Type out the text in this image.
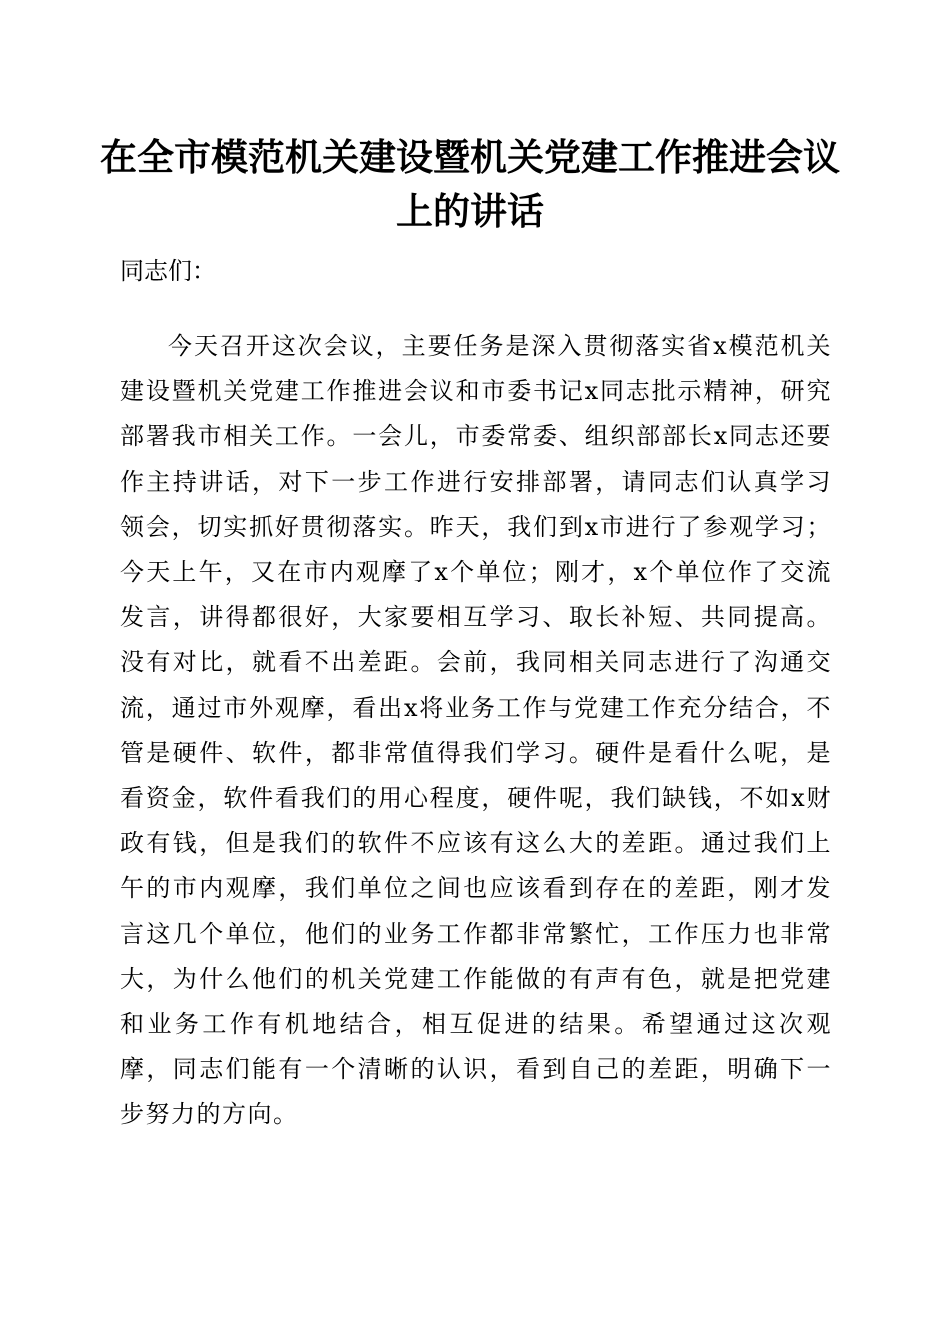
在全市模范机关建设暨机关党建工作推进会议上的讲话

同志们：

今天召开这次会议，主要任务是深入贯彻落实省x模范机关建设暨机关党建工作推进会议和市委书记x同志批示精神，研究部署我市相关工作。一会儿，市委常委、组织部部长x同志还要作主持讲话，对下一步工作进行安排部署，请同志们认真学习领会，切实抓好贯彻落实。昨天，我们到x市进行了参观学习；今天上午，又在市内观摩了x个单位；刚才，x个单位作了交流发言，讲得都很好，大家要相互学习、取长补短、共同提高。没有对比，就看不出差距。会前，我同相关同志进行了沟通交流，通过市外观摩，看出x将业务工作与党建工作充分结合，不管是硬件、软件，都非常值得我们学习。硬件是看什么呢，是看资金，软件看我们的用心程度，硬件呢，我们缺钱，不如x财政有钱，但是我们的软件不应该有这么大的差距。通过我们上午的市内观摩，我们单位之间也应该看到存在的差距，刚才发言这几个单位，他们的业务工作都非常繁忙，工作压力也非常大，为什么他们的机关党建工作能做的有声有色，就是把党建和业务工作有机地结合，相互促进的结果。希望通过这次观摩，同志们能有一个清晰的认识，看到自己的差距，明确下一步努力的方向。
